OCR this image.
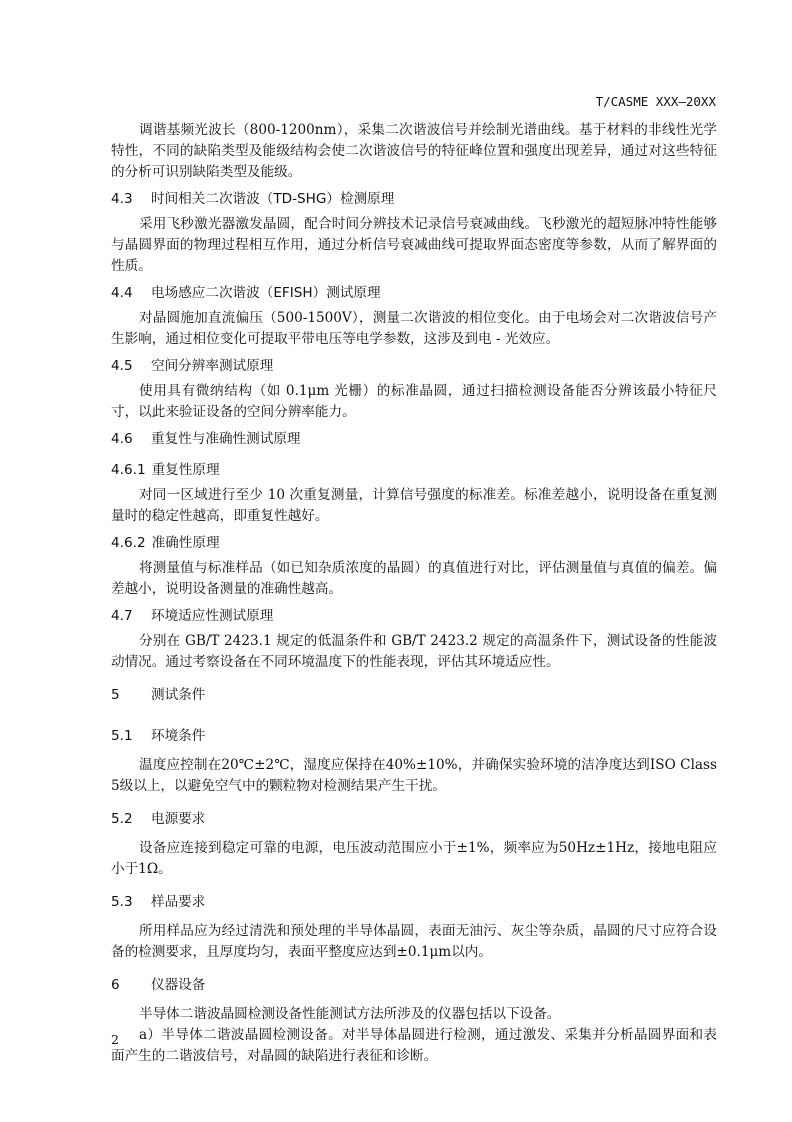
T/CASME XXX—20XX

调谐基频光波长（800-1200nm），采集二次谐波信号并绘制光谱曲线。基于材料的非线性光学特性，不同的缺陷类型及能级结构会使二次谐波信号的特征峰位置和强度出现差异，通过对这些特征的分析可识别缺陷类型及能级。

4.3 时间相关二次谐波（TD-SHG）检测原理

采用飞秒激光器激发晶圆，配合时间分辨技术记录信号衰减曲线。飞秒激光的超短脉冲特性能够与晶圆界面的物理过程相互作用，通过分析信号衰减曲线可提取界面态密度等参数，从而了解界面的性质。

4.4 电场感应二次谐波（EFISH）测试原理

对晶圆施加直流偏压（500-1500V），测量二次谐波的相位变化。由于电场会对二次谐波信号产生影响，通过相位变化可提取平带电压等电学参数，这涉及到电 - 光效应。

4.5 空间分辨率测试原理

使用具有微纳结构（如 0.1μm 光栅）的标准晶圆，通过扫描检测设备能否分辨该最小特征尺寸，以此来验证设备的空间分辨率能力。

4.6 重复性与准确性测试原理
4.6.1 重复性原理

对同一区域进行至少 10 次重复测量，计算信号强度的标准差。标准差越小，说明设备在重复测量时的稳定性越高，即重复性越好。

4.6.2 准确性原理

将测量值与标准样品（如已知杂质浓度的晶圆）的真值进行对比，评估测量值与真值的偏差。偏差越小，说明设备测量的准确性越高。

4.7 环境适应性测试原理

分别在 GB/T 2423.1 规定的低温条件和 GB/T 2423.2 规定的高温条件下，测试设备的性能波动情况。通过考察设备在不同环境温度下的性能表现，评估其环境适应性。

5 测试条件
5.1 环境条件

温度应控制在20℃±2℃，湿度应保持在40%±10%，并确保实验环境的洁净度达到ISO Class 5级以上，以避免空气中的颗粒物对检测结果产生干扰。

5.2 电源要求

设备应连接到稳定可靠的电源，电压波动范围应小于±1%，频率应为50Hz±1Hz，接地电阻应小于1Ω。

5.3 样品要求

所用样品应为经过清洗和预处理的半导体晶圆，表面无油污、灰尘等杂质，晶圆的尺寸应符合设备的检测要求，且厚度均匀，表面平整度应达到±0.1μm以内。

6 仪器设备

半导体二谐波晶圆检测设备性能测试方法所涉及的仪器包括以下设备。

a）半导体二谐波晶圆检测设备。对半导体晶圆进行检测，通过激发、采集并分析晶圆界面和表面产生的二谐波信号，对晶圆的缺陷进行表征和诊断。

2
